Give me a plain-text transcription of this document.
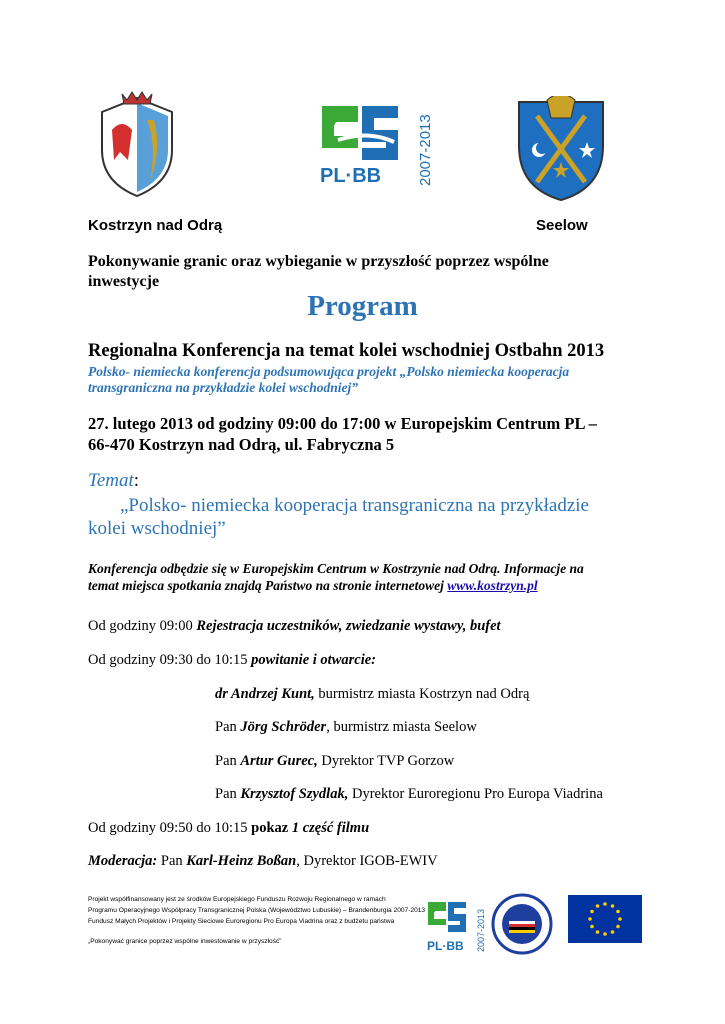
PL·BB 2007-2013
Kostrzyn nad Odrą	Seelow
Pokonywanie granic oraz wybieganie w przyszłość poprzez wspólne
inwestycje
Program
Regionalna Konferencja na temat kolei wschodniej Ostbahn 2013
Polsko- niemiecka konferencja podsumowująca projekt „Polsko niemiecka kooperacja
transgraniczna na przykładzie kolei wschodniej”
27. lutego 2013 od godziny 09:00 do 17:00 w Europejskim Centrum PL –
66-470 Kostrzyn nad Odrą, ul. Fabryczna 5
Temat:
„Polsko- niemiecka kooperacja transgraniczna na przykładzie
kolei wschodniej”
Konferencja odbędzie się w Europejskim Centrum w Kostrzynie nad Odrą. Informacje na
temat miejsca spotkania znajdą Państwo na stronie internetowej www.kostrzyn.pl
Od godziny 09:00 Rejestracja uczestników, zwiedzanie wystawy, bufet
Od godziny 09:30 do 10:15 powitanie i otwarcie:
dr Andrzej Kunt, burmistrz miasta Kostrzyn nad Odrą
Pan Jörg Schröder, burmistrz miasta Seelow
Pan Artur Gurec, Dyrektor TVP Gorzow
Pan Krzysztof Szydlak, Dyrektor Euroregionu Pro Europa Viadrina
Od godziny 09:50 do 10:15 pokaz 1 część filmu
Moderacja: Pan Karl-Heinz Boßan, Dyrektor IGOB-EWIV
Projekt współfinansowany jest ze środków Europejskiego Funduszu Rozwoju Regionalnego w ramach
Programu Operacyjnego Współpracy Transgranicznej Polska (Województwo Lubuskie) – Brandenburgia 2007-2013
Fundusz Małych Projektów i Projekty Sieciowe Euroregionu Pro Europa Viadrina oraz z budżetu państwa
„Pokonywać granice poprzez wspólne inwestowanie w przyszłość”	PL·BB 2007-2013
